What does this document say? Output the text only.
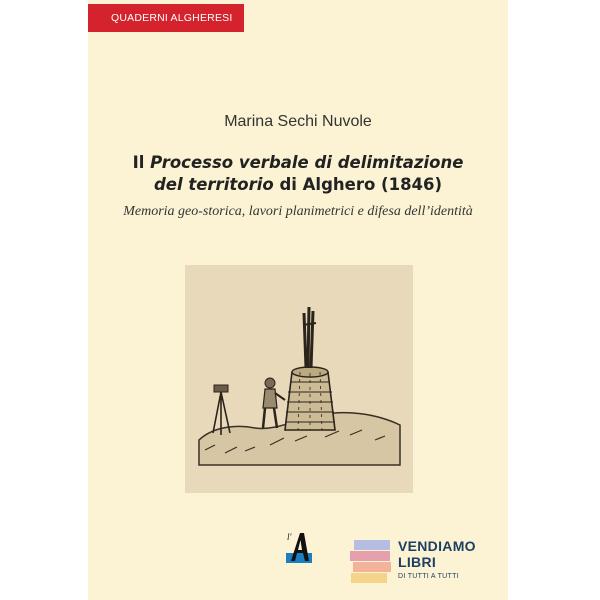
QUADERNI ALGHERESI
Marina Sechi Nuvole
Il Processo verbale di delimitazione
del territorio di Alghero (1846)
Memoria geo-storica, lavori planimetrici e difesa dell’identità
l'
VENDIAMO
LIBRI
DI TUTTI A TUTTI
